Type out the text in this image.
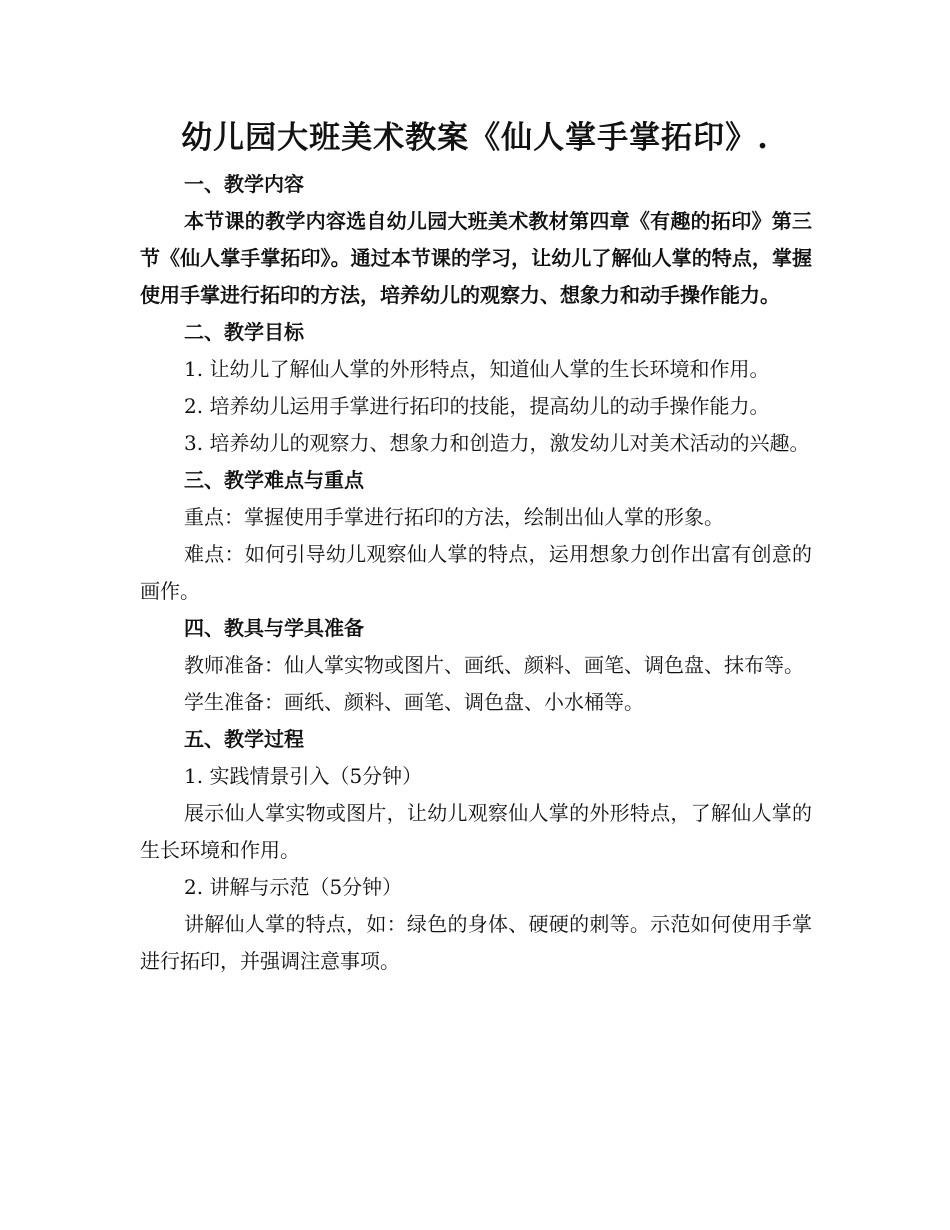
幼儿园大班美术教案《仙人掌手掌拓印》.

一、教学内容

本节课的教学内容选自幼儿园大班美术教材第四章《有趣的拓印》第三节《仙人掌手掌拓印》。通过本节课的学习，让幼儿了解仙人掌的特点，掌握使用手掌进行拓印的方法，培养幼儿的观察力、想象力和动手操作能力。

二、教学目标

1. 让幼儿了解仙人掌的外形特点，知道仙人掌的生长环境和作用。

2. 培养幼儿运用手掌进行拓印的技能，提高幼儿的动手操作能力。

3. 培养幼儿的观察力、想象力和创造力，激发幼儿对美术活动的兴趣。

三、教学难点与重点

重点：掌握使用手掌进行拓印的方法，绘制出仙人掌的形象。

难点：如何引导幼儿观察仙人掌的特点，运用想象力创作出富有创意的画作。

四、教具与学具准备

教师准备：仙人掌实物或图片、画纸、颜料、画笔、调色盘、抹布等。

学生准备：画纸、颜料、画笔、调色盘、小水桶等。

五、教学过程

1. 实践情景引入（5分钟）

展示仙人掌实物或图片，让幼儿观察仙人掌的外形特点，了解仙人掌的生长环境和作用。

2. 讲解与示范（5分钟）

讲解仙人掌的特点，如：绿色的身体、硬硬的刺等。示范如何使用手掌进行拓印，并强调注意事项。
